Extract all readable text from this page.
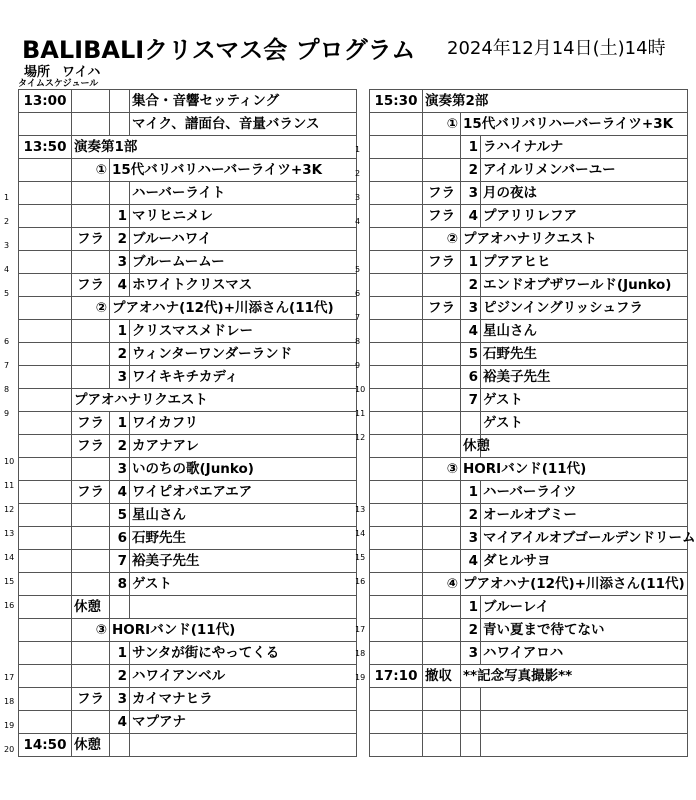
BALIBALIクリスマス会 プログラム 2024年12月14日(土)14時
場所 ワイハ
タイムスケジュール
1
2
3
4
5
6
7
8
9
10
11
12
13
14
15
16
17
18
19
20
13:00			集合・音響セッティング
			マイク、譜面台、音量バランス
13:50	演奏第1部		
	①	15代バリバリハーバーライツ+3K	
			ハーバーライト
		1	マリヒニメレ
	フラ	2	ブルーハワイ
		3	ブルームームー
	フラ	4	ホワイトクリスマス
	②	プアオハナ(12代)+川添さん(11代)	
		1	クリスマスメドレー
		2	ウィンターワンダーランド
		3	ワイキキチカディ
	プアオハナリクエスト		
	フラ	1	ワイカフリ
	フラ	2	カアナアレ
		3	いのちの歌(Junko)
	フラ	4	ワイピオパエアエア
		5	星山さん
		6	石野先生
		7	裕美子先生
		8	ゲスト
	休憩		
	③	HORIバンド(11代)	
		1	サンタが街にやってくる
		2	ハワイアンベル
	フラ	3	カイマナヒラ
		4	マプアナ
14:50	休憩		
1
2
3
4
5
6
7
8
9
10
11
12
13
14
15
16
17
18
19
15:30	演奏第2部		
	①	15代バリバリハーバーライツ+3K	
		1	ラハイナルナ
		2	アイルリメンバーユー
	フラ	3	月の夜は
	フラ	4	プアリリレフア
	②	プアオハナリクエスト	
	フラ	1	プアアヒヒ
		2	エンドオブザワールド(Junko)
	フラ	3	ピジンイングリッシュフラ
		4	星山さん
		5	石野先生
		6	裕美子先生
		7	ゲスト
			ゲスト
		休憩	
	③	HORIバンド(11代)	
		1	ハーバーライツ
		2	オールオブミー
		3	マイアイルオブゴールデンドリーム
		4	ダヒルサヨ
	④	プアオハナ(12代)+川添さん(11代)	
		1	ブルーレイ
		2	青い夏まで待てない
		3	ハワイアロハ
17:10	撤収	**記念写真撮影**	
